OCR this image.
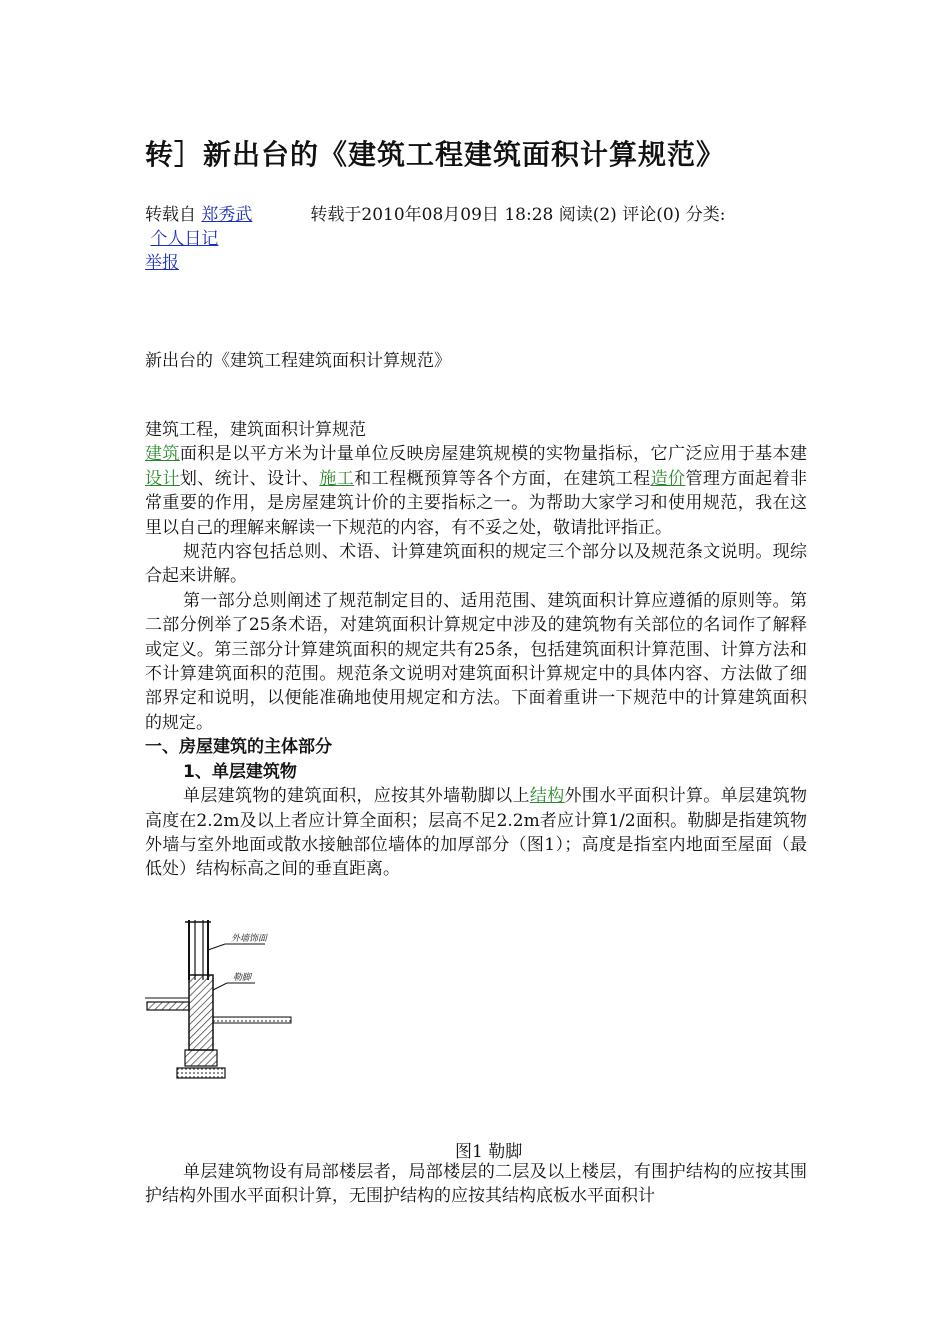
转］新出台的《建筑工程建筑面积计算规范》
转载自 郑秀武	转载于2010年08月09日 18:28 阅读(2) 评论(0) 分类:
个人日记
举报
新出台的《建筑工程建筑面积计算规范》

建筑工程，建筑面积计算规范

建筑面积是以平方米为计量单位反映房屋建筑规模的实物量指标，它广泛应用于基本建设计划、统计、设计、施工和工程概预算等各个方面，在建筑工程造价管理方面起着非常重要的作用，是房屋建筑计价的主要指标之一。为帮助大家学习和使用规范，我在这里以自己的理解来解读一下规范的内容，有不妥之处，敬请批评指正。

规范内容包括总则、术语、计算建筑面积的规定三个部分以及规范条文说明。现综合起来讲解。

第一部分总则阐述了规范制定目的、适用范围、建筑面积计算应遵循的原则等。第二部分例举了25条术语，对建筑面积计算规定中涉及的建筑物有关部位的名词作了解释或定义。第三部分计算建筑面积的规定共有25条，包括建筑面积计算范围、计算方法和不计算建筑面积的范围。规范条文说明对建筑面积计算规定中的具体内容、方法做了细部界定和说明，以便能准确地使用规定和方法。下面着重讲一下规范中的计算建筑面积的规定。

一、房屋建筑的主体部分

1、单层建筑物

单层建筑物的建筑面积，应按其外墙勒脚以上结构外围水平面积计算。单层建筑物高度在2.2m及以上者应计算全面积；层高不足2.2m者应计算1/2面积。勒脚是指建筑物外墙与室外地面或散水接触部位墙体的加厚部分（图1）；高度是指室内地面至屋面（最低处）结构标高之间的垂直距离。

外墙饰面
勒脚
图1 勒脚

单层建筑物设有局部楼层者，局部楼层的二层及以上楼层，有围护结构的应按其围护结构外围水平面积计算，无围护结构的应按其结构底板水平面积计
